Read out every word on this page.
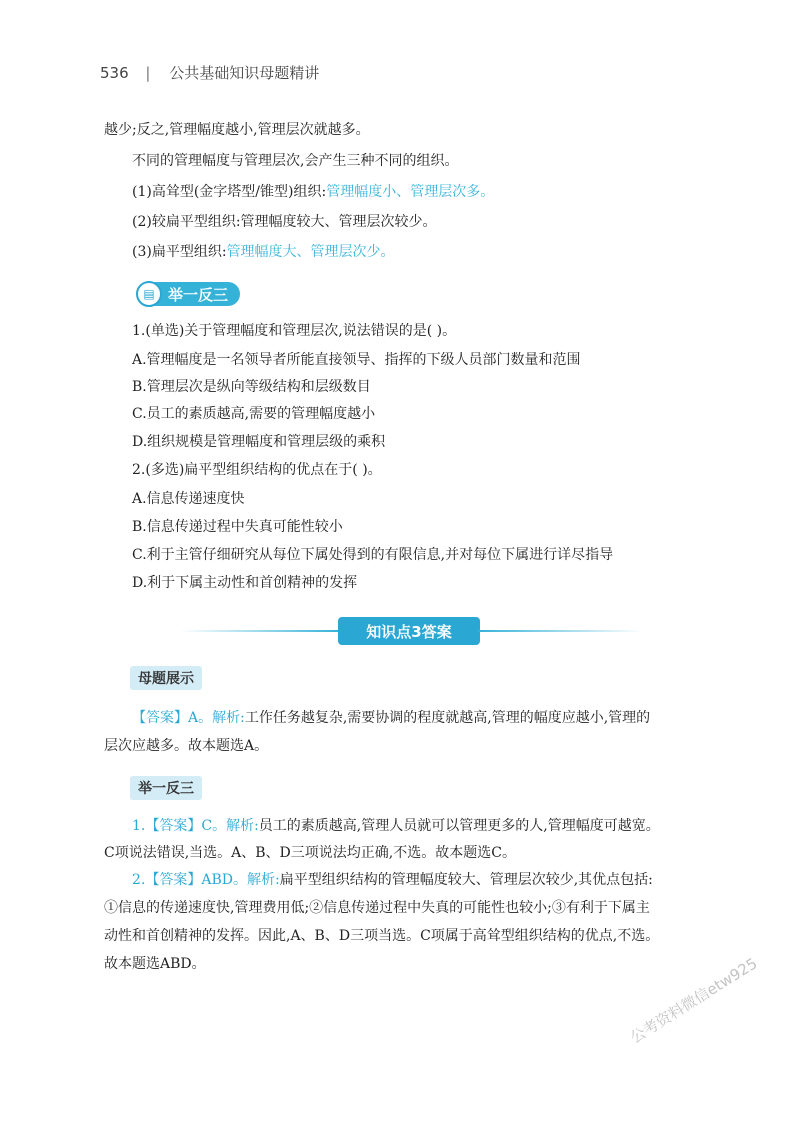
536 | 公共基础知识母题精讲
越少;反之,管理幅度越小,管理层次就越多。
不同的管理幅度与管理层次,会产生三种不同的组织。
(1)高耸型(金字塔型/锥型)组织:管理幅度小、管理层次多。
(2)较扁平型组织:管理幅度较大、管理层次较少。
(3)扁平型组织:管理幅度大、管理层次少。
▤ 举一反三
1.(单选)关于管理幅度和管理层次,说法错误的是( )。
A.管理幅度是一名领导者所能直接领导、指挥的下级人员部门数量和范围
B.管理层次是纵向等级结构和层级数目
C.员工的素质越高,需要的管理幅度越小
D.组织规模是管理幅度和管理层级的乘积
2.(多选)扁平型组织结构的优点在于( )。
A.信息传递速度快
B.信息传递过程中失真可能性较小
C.利于主管仔细研究从每位下属处得到的有限信息,并对每位下属进行详尽指导
D.利于下属主动性和首创精神的发挥
知识点3答案
母题展示
【答案】A。解析:工作任务越复杂,需要协调的程度就越高,管理的幅度应越小,管理的
层次应越多。故本题选A。
举一反三
1.【答案】C。解析:员工的素质越高,管理人员就可以管理更多的人,管理幅度可越宽。
C项说法错误,当选。A、B、D三项说法均正确,不选。故本题选C。
2.【答案】ABD。解析:扁平型组织结构的管理幅度较大、管理层次较少,其优点包括:
①信息的传递速度快,管理费用低;②信息传递过程中失真的可能性也较小;③有利于下属主
动性和首创精神的发挥。因此,A、B、D三项当选。C项属于高耸型组织结构的优点,不选。
故本题选ABD。	公考资料微信etw925
